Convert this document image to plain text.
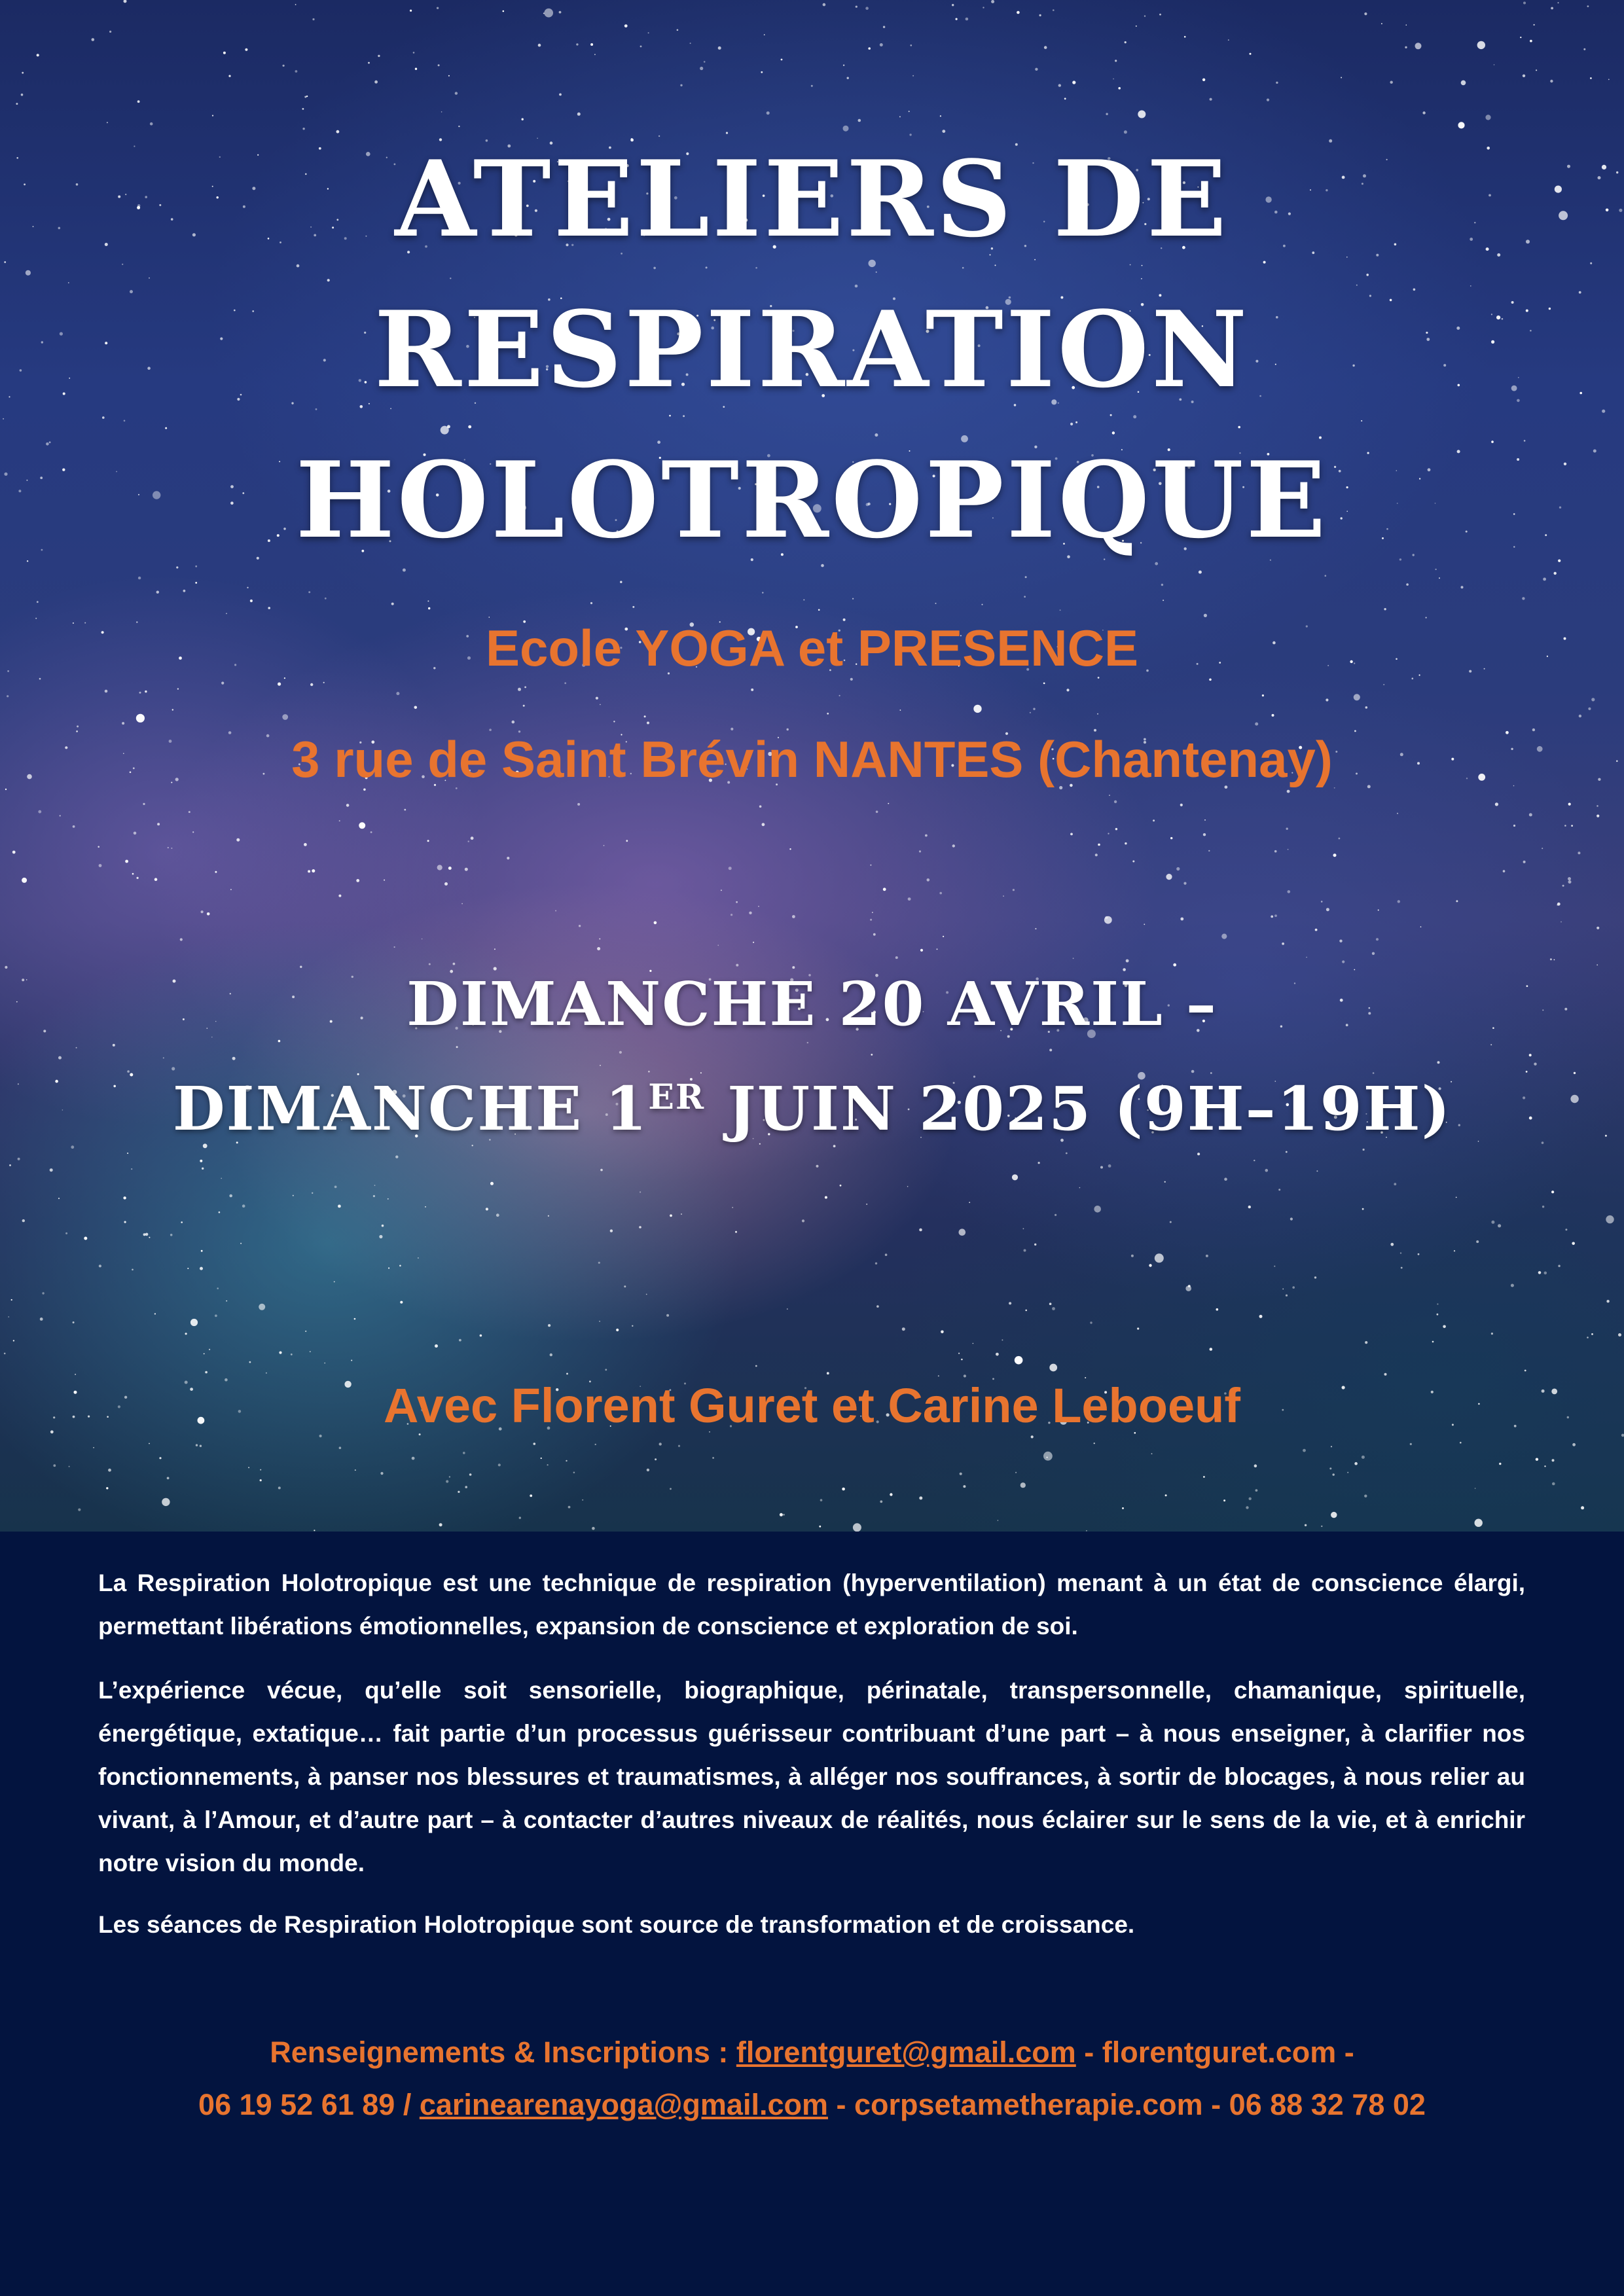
ATELIERS DE
RESPIRATION
HOLOTROPIQUE
Ecole YOGA et PRESENCE
3 rue de Saint Brévin NANTES (Chantenay)
DIMANCHE 20 AVRIL –
DIMANCHE 1ER JUIN 2025 (9H–19H)
Avec Florent Guret et Carine Leboeuf

La Respiration Holotropique est une technique de respiration (hyperventilation) menant à un état de conscience élargi, permettant libérations émotionnelles, expansion de conscience et exploration de soi.

L’expérience vécue, qu’elle soit sensorielle, biographique, périnatale, transpersonnelle, chamanique, spirituelle, énergétique, extatique… fait partie d’un processus guérisseur contribuant d’une part – à nous enseigner, à clarifier nos fonctionnements, à panser nos blessures et traumatismes, à alléger nos souffrances, à sortir de blocages, à nous relier au vivant, à l’Amour, et d’autre part – à contacter d’autres niveaux de réalités, nous éclairer sur le sens de la vie, et à enrichir notre vision du monde.

Les séances de Respiration Holotropique sont source de transformation et de croissance.

Renseignements & Inscriptions : florentguret@gmail.com - florentguret.com -
06 19 52 61 89 / carinearenayoga@gmail.com - corpsetametherapie.com - 06 88 32 78 02
